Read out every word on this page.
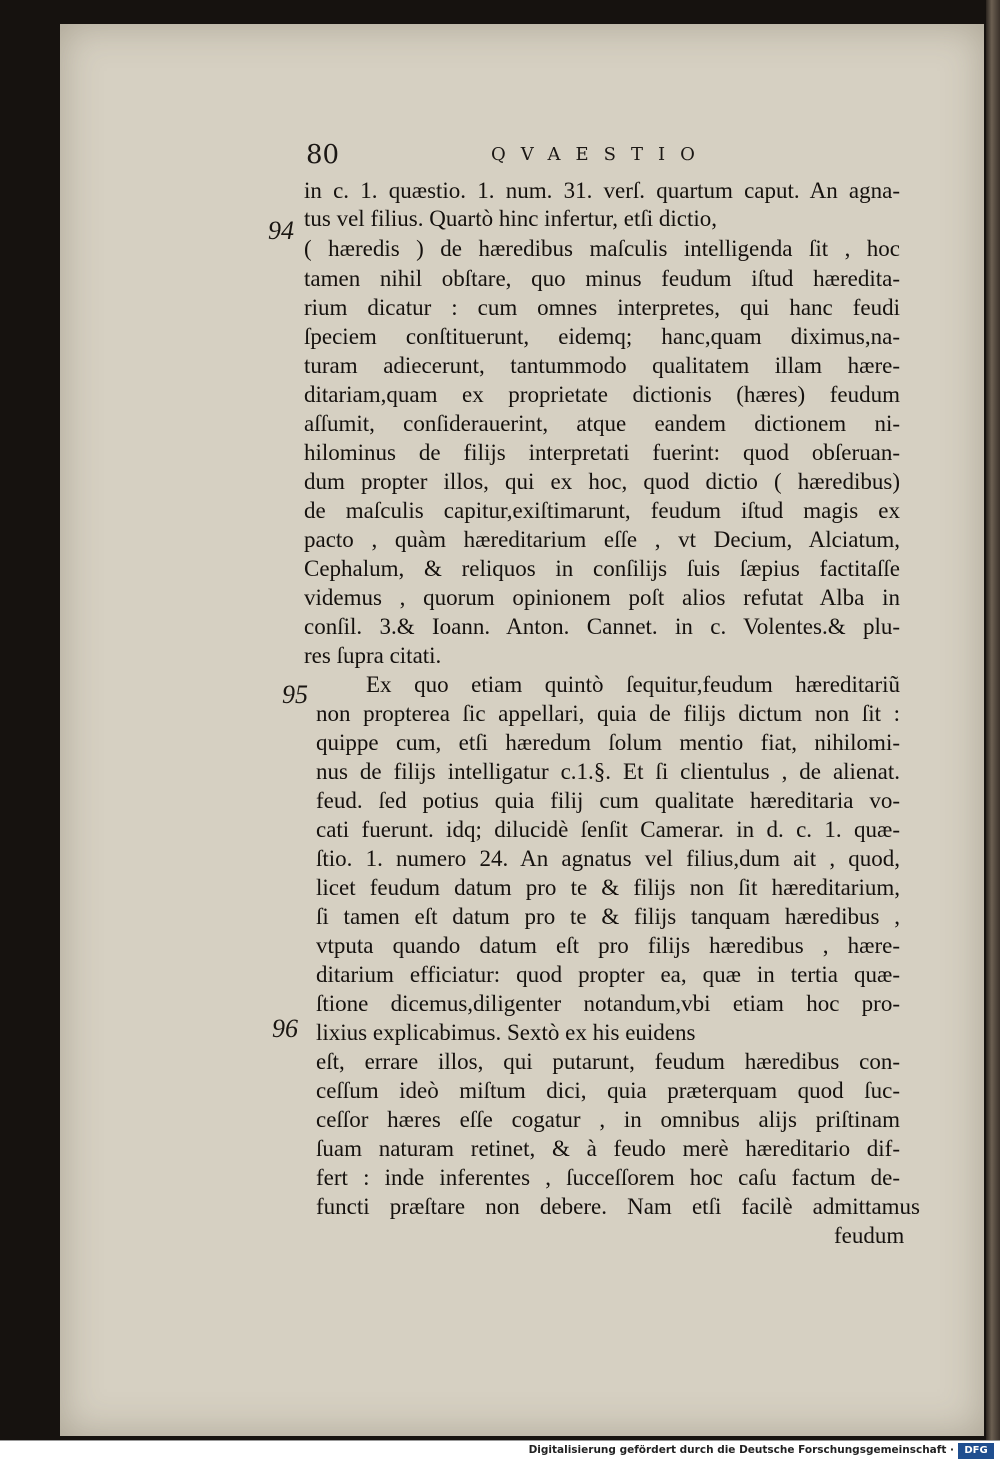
80	QVAESTIO
94
95
96
in c. 1. quæstio. 1. num. 31. verſ. quartum caput. An agna-
tus vel filius. Quartò hinc infertur, etſi dictio,
( hæredis ) de hæredibus maſculis intelligenda ſit , hoc
tamen nihil obſtare, quo minus feudum iſtud hæredita-
rium dicatur : cum omnes interpretes, qui hanc feudi
ſpeciem conſtituerunt, eidemq; hanc,quam diximus,na-
turam adiecerunt, tantummodo qualitatem illam hære-
ditariam,quam ex proprietate dictionis (hæres) feudum
aſſumit, conſiderauerint, atque eandem dictionem ni-
hilominus de filijs interpretati fuerint: quod obſeruan-
dum propter illos, qui ex hoc, quod dictio ( hæredibus)
de maſculis capitur,exiſtimarunt, feudum iſtud magis ex
pacto , quàm hæreditarium eſſe , vt Decium, Alciatum,
Cephalum, & reliquos in conſilijs ſuis ſæpius factitaſſe
videmus , quorum opinionem poſt alios refutat Alba in
conſil. 3.& Ioann. Anton. Cannet. in c. Volentes.& plu-
res ſupra citati.
Ex quo etiam quintò ſequitur,feudum hæreditariũ
non propterea ſic appellari, quia de filijs dictum non ſit :
quippe cum, etſi hæredum ſolum mentio fiat, nihilomi-
nus de filijs intelligatur c.1.§. Et ſi clientulus , de alienat.
feud. ſed potius quia filij cum qualitate hæreditaria vo-
cati fuerunt. idq; dilucidè ſenſit Camerar. in d. c. 1. quæ-
ſtio. 1. numero 24. An agnatus vel filius,dum ait , quod,
licet feudum datum pro te & filijs non ſit hæreditarium,
ſi tamen eſt datum pro te & filijs tanquam hæredibus ,
vtputa quando datum eſt pro filijs hæredibus , hære-
ditarium efficiatur: quod propter ea, quæ in tertia quæ-
ſtione dicemus,diligenter notandum,vbi etiam hoc pro-
lixius explicabimus. Sextò ex his euidens
eſt, errare illos, qui putarunt, feudum hæredibus con-
ceſſum ideò miſtum dici, quia præterquam quod ſuc-
ceſſor hæres eſſe cogatur , in omnibus alijs priſtinam
ſuam naturam retinet, & à feudo merè hæreditario dif-
fert : inde inferentes , ſucceſſorem hoc caſu factum de-
functi præſtare non debere. Nam etſi facilè admittamus
feudum
Digitalisierung gefördert durch die Deutsche Forschungsgemeinschaft ·	DFG
